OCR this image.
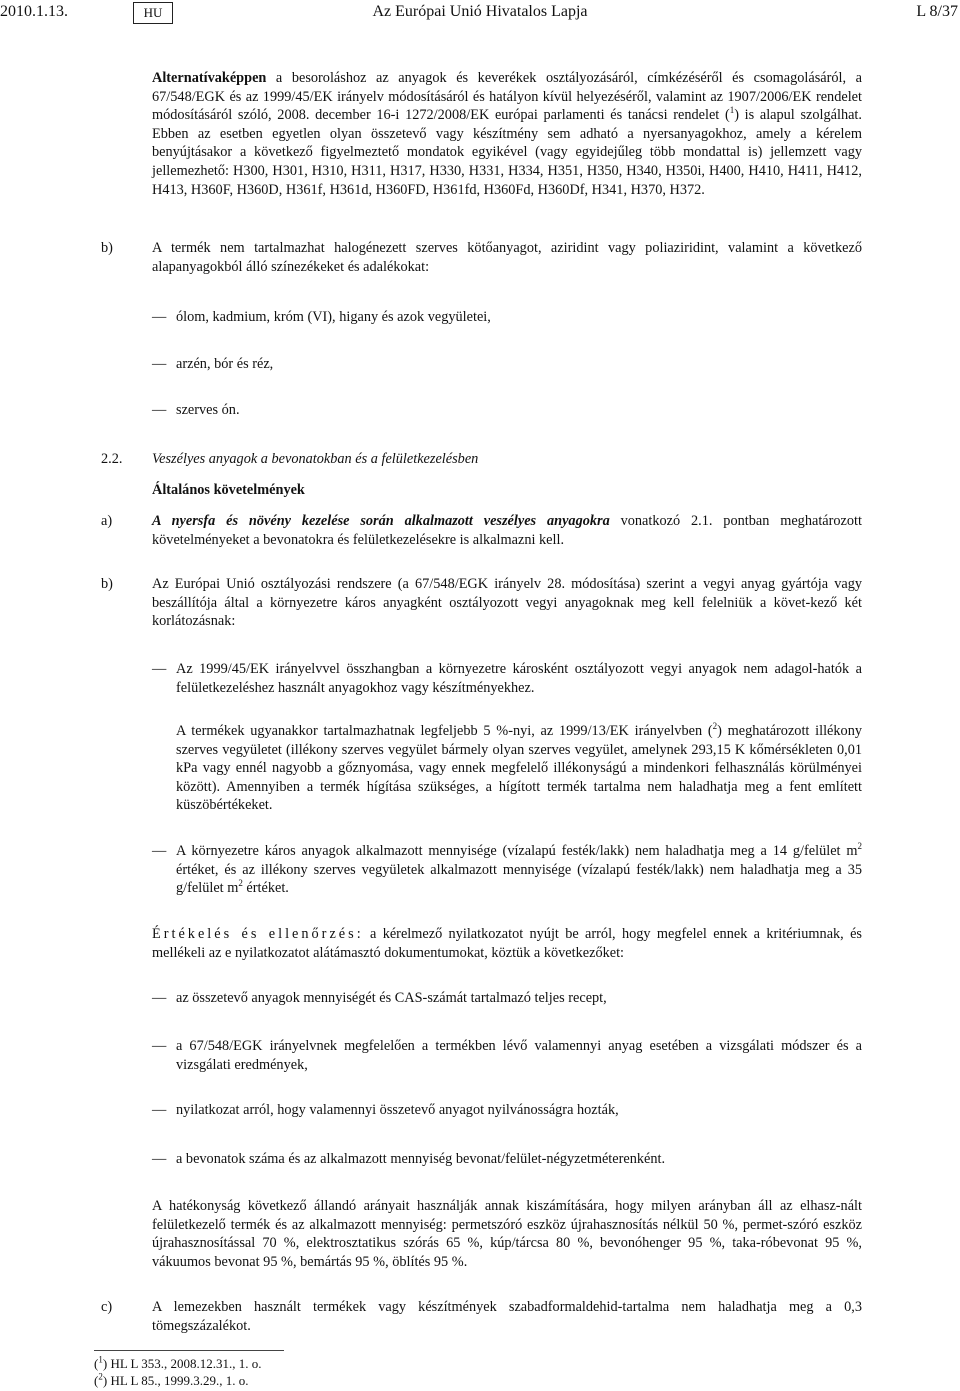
2010.1.13.	HU	Az Európai Unió Hivatalos Lapja	L 8/37
Alternatívaképpen a besoroláshoz az anyagok és keverékek osztályozásáról, címkézéséről és csomagolásáról, a 67/548/EGK és az 1999/45/EK irányelv módosításáról és hatályon kívül helyezéséről, valamint az 1907/2006/EK rendelet módosításáról szóló, 2008. december 16-i 1272/2008/EK európai parlamenti és tanácsi rendelet ($^1$) is alapul szolgálhat. Ebben az esetben egyetlen olyan összetevő vagy készítmény sem adható a nyersanyagokhoz, amely a kérelem benyújtásakor a következő figyelmeztető mondatok egyikével (vagy egyidejűleg több mondattal is) jellemzett vagy jellemezhető: H300, H301, H310, H311, H317, H330, H331, H334, H351, H350, H340, H350i, H400, H410, H411, H412, H413, H360F, H360D, H361f, H361d, H360FD, H361fd, H360Fd, H360Df, H341, H370, H372.
b)	A termék nem tartalmazhat halogénezett szerves kötőanyagot, aziridint vagy poliaziridint, valamint a következő alapanyagokból álló színezékeket és adalékokat:
— ólom, kadmium, króm (VI), higany és azok vegyületei,
— arzén, bór és réz,
— szerves ón.
2.2. Veszélyes anyagok a bevonatokban és a felületkezelésben
Általános követelmények
a)	A nyersfa és növény kezelése során alkalmazott veszélyes anyagokra vonatkozó 2.1. pontban meghatározott követelményeket a bevonatokra és felületkezelésekre is alkalmazni kell.
b)	Az Európai Unió osztályozási rendszere (a 67/548/EGK irányelv 28. módosítása) szerint a vegyi anyag gyártója vagy beszállítója által a környezetre káros anyagként osztályozott vegyi anyagoknak meg kell felelniük a követ-kező két korlátozásnak:
— Az 1999/45/EK irányelvvel összhangban a környezetre károsként osztályozott vegyi anyagok nem adagol-hatók a felületkezeléshez használt anyagokhoz vagy készítményekhez.
A termékek ugyanakkor tartalmazhatnak legfeljebb 5 %-nyi, az 1999/13/EK irányelvben ($^2$) meghatározott illékony szerves vegyületet (illékony szerves vegyület bármely olyan szerves vegyület, amelynek 293,15 K kőmérsékleten 0,01 kPa vagy ennél nagyobb a gőznyomása, vagy ennek megfelelő illékonyságú a mindenkori felhasználás körülményei között). Amennyiben a termék hígítása szükséges, a hígított termék tartalma nem haladhatja meg a fent említett küszöbértékeket.
— A környezetre káros anyagok alkalmazott mennyisége (vízalapú festék/lakk) nem haladhatja meg a 14 g/felület $m^2$ értéket, és az illékony szerves vegyületek alkalmazott mennyisége (vízalapú festék/lakk) nem haladhatja meg a 35 g/felület $m^2$ értéket.
Értékelés és ellenőrzés: a kérelmező nyilatkozatot nyújt be arról, hogy megfelel ennek a kritériumnak, és mellékeli az e nyilatkozatot alátámasztó dokumentumokat, köztük a következőket:
— az összetevő anyagok mennyiségét és CAS-számát tartalmazó teljes recept,
— a 67/548/EGK irányelvnek megfelelően a termékben lévő valamennyi anyag esetében a vizsgálati módszer és a vizsgálati eredmények,
— nyilatkozat arról, hogy valamennyi összetevő anyagot nyilvánosságra hozták,
— a bevonatok száma és az alkalmazott mennyiség bevonat/felület-négyzetméterenként.
A hatékonyság következő állandó arányait használják annak kiszámítására, hogy milyen arányban áll az elhasz-nált felületkezelő termék és az alkalmazott mennyiség: permetszóró eszköz újrahasznosítás nélkül 50 %, permet-szóró eszköz újrahasznosítással 70 %, elektrosztatikus szórás 65 %, kúp/tárcsa 80 %, bevonóhenger 95 %, taka-róbevonat 95 %, vákuumos bevonat 95 %, bemártás 95 %, öblítés 95 %.
c)	A lemezekben használt termékek vagy készítmények szabadformaldehid-tartalma nem haladhatja meg a 0,3 tömegszázalékot.
($^1$) HL L 353., 2008.12.31., 1. o.
($^2$) HL L 85., 1999.3.29., 1. o.
